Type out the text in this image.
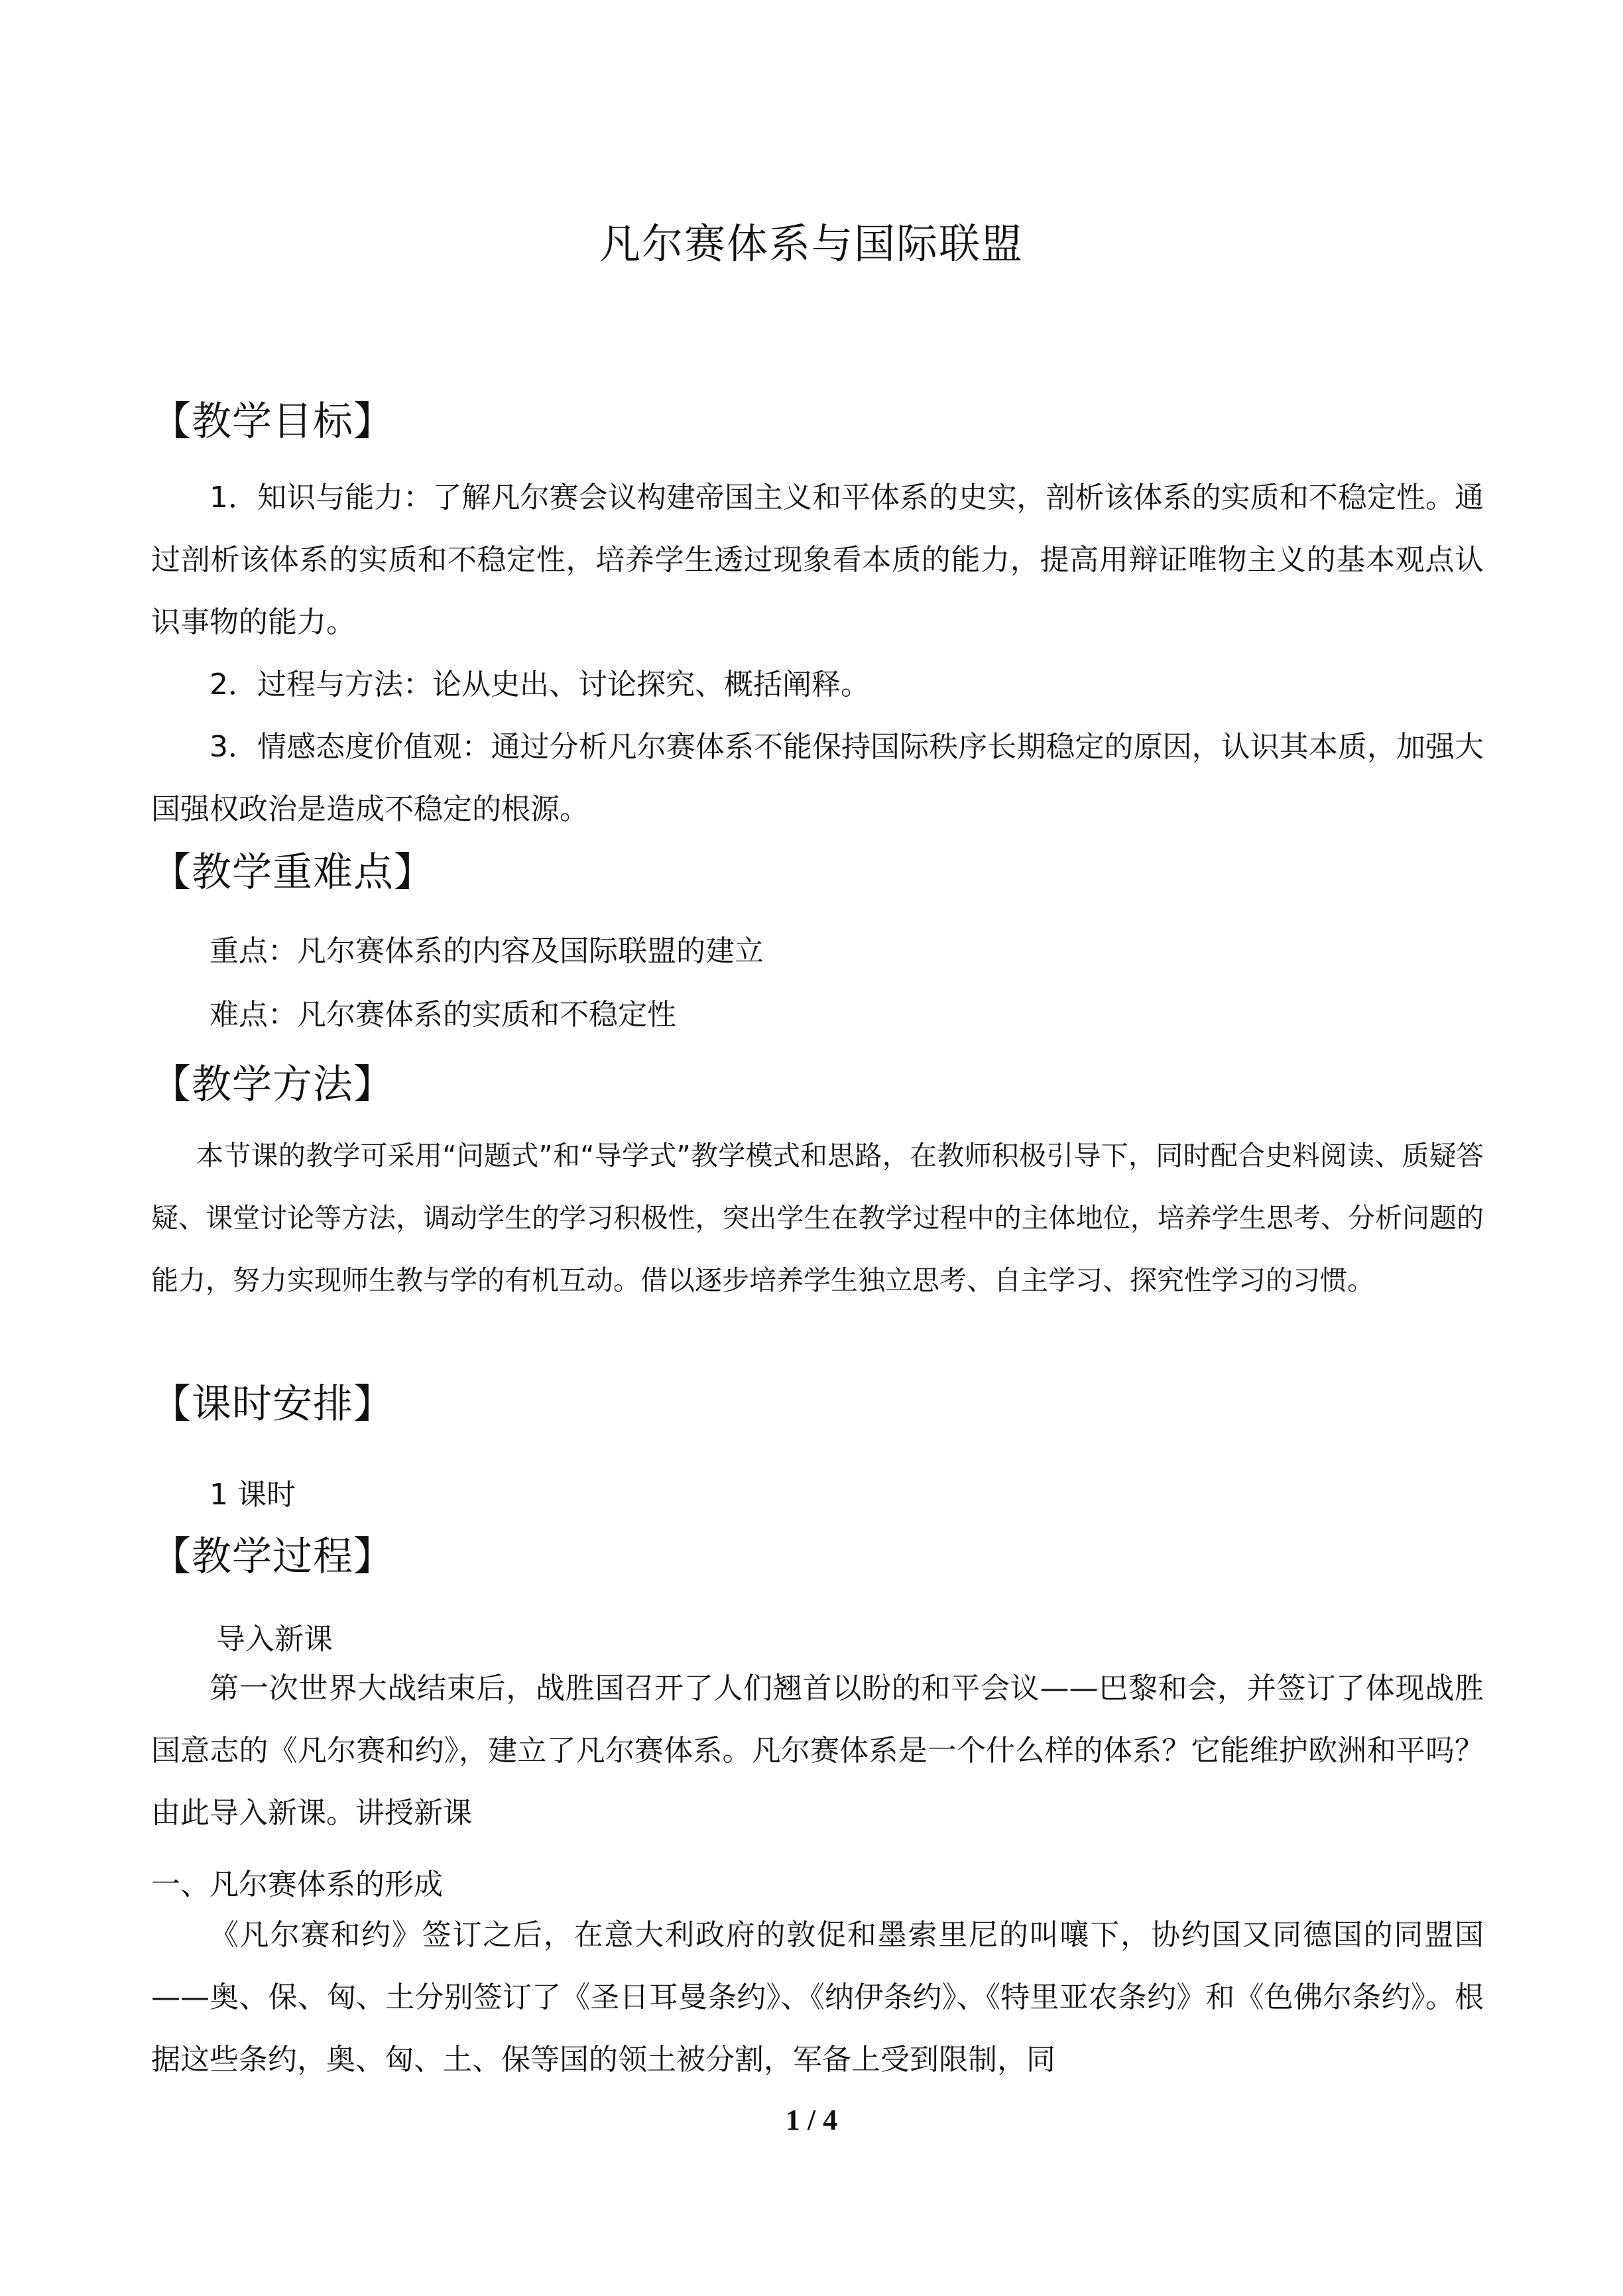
凡尔赛体系与国际联盟
【教学目标】
1．知识与能力：了解凡尔赛会议构建帝国主义和平体系的史实，剖析该体系的实质和不稳定性。通过剖析该体系的实质和不稳定性，培养学生透过现象看本质的能力，提高用辩证唯物主义的基本观点认识事物的能力。
2．过程与方法：论从史出、讨论探究、概括阐释。
3．情感态度价值观：通过分析凡尔赛体系不能保持国际秩序长期稳定的原因，认识其本质，加强大国强权政治是造成不稳定的根源。
【教学重难点】
重点：凡尔赛体系的内容及国际联盟的建立
难点：凡尔赛体系的实质和不稳定性
【教学方法】
本节课的教学可采用“问题式”和“导学式”教学模式和思路，在教师积极引导下，同时配合史料阅读、质疑答疑、课堂讨论等方法，调动学生的学习积极性，突出学生在教学过程中的主体地位，培养学生思考、分析问题的能力，努力实现师生教与学的有机互动。借以逐步培养学生独立思考、自主学习、探究性学习的习惯。
【课时安排】
1 课时
【教学过程】
导入新课
第一次世界大战结束后，战胜国召开了人们翘首以盼的和平会议——巴黎和会，并签订了体现战胜国意志的《凡尔赛和约》，建立了凡尔赛体系。凡尔赛体系是一个什么样的体系？它能维护欧洲和平吗？由此导入新课。讲授新课
一、凡尔赛体系的形成
《凡尔赛和约》签订之后，在意大利政府的敦促和墨索里尼的叫嚷下，协约国又同德国的同盟国——奥、保、匈、土分别签订了《圣日耳曼条约》、《纳伊条约》、《特里亚农条约》和《色佛尔条约》。根据这些条约，奥、匈、土、保等国的领土被分割，军备上受到限制，同
1 / 4
